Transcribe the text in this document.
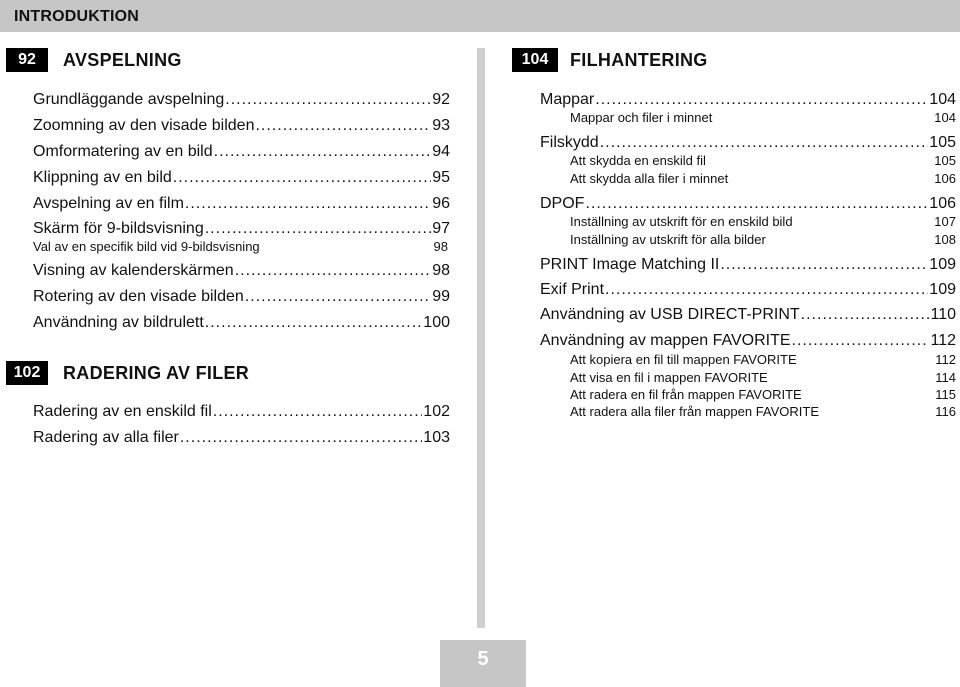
INTRODUKTION
92	AVSPELNING
Grundläggande avspelning .....	92
Zoomning av den visade bilden .....	93
Omformatering av en bild .....	94
Klippning av en bild .....	95
Avspelning av en film .....	96
Skärm för 9-bildsvisning .....	97
Val av en specifik bild vid 9-bildsvisning	98
Visning av kalenderskärmen .....	98
Rotering av den visade bilden .....	99
Användning av bildrulett .....	100
102	RADERING AV FILER
Radering av en enskild fil .....	102
Radering av alla filer .....	103
104	FILHANTERING
Mappar .....	104
Mappar och filer i minnet	104
Filskydd .....	105
Att skydda en enskild fil	105
Att skydda alla filer i minnet	106
DPOF .....	106
Inställning av utskrift för en enskild bild	107
Inställning av utskrift för alla bilder	108
PRINT Image Matching II .....	109
Exif Print .....	109
Användning av USB DIRECT-PRINT .....	110
Användning av mappen FAVORITE .....	112
Att kopiera en fil till mappen FAVORITE	112
Att visa en fil i mappen FAVORITE	114
Att radera en fil från mappen FAVORITE	115
Att radera alla filer från mappen FAVORITE	116
5
